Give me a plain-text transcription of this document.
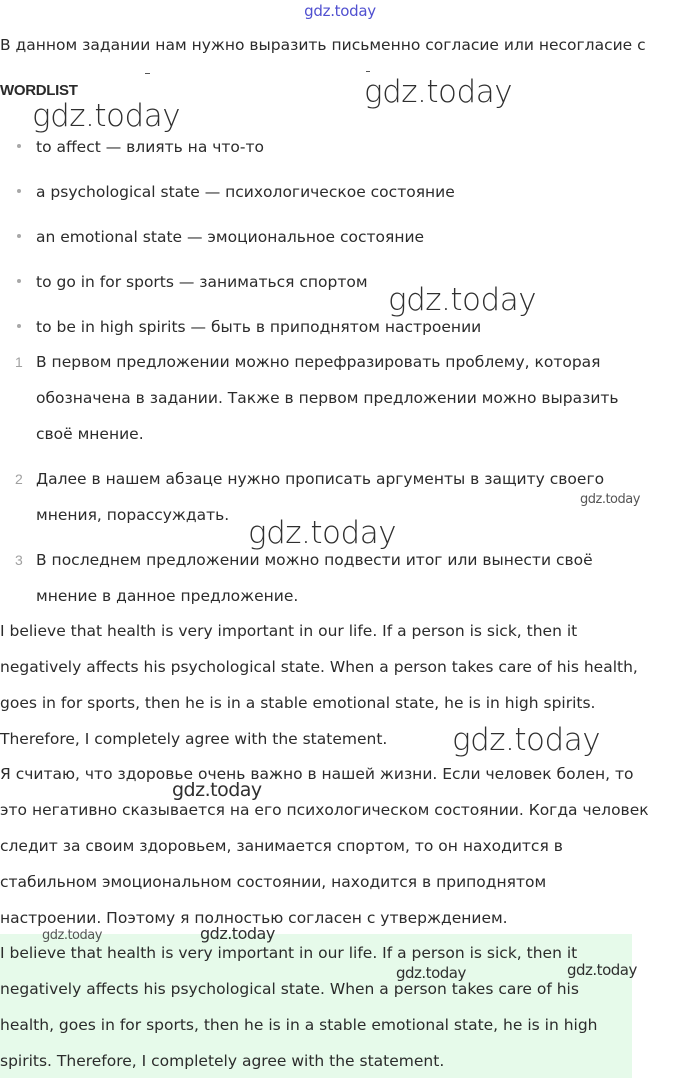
gdz.today

В данном задании нам нужно выразить письменно согласие или несогласие с

WORDLIST
to affect — влиять на что-то
a psychological state — психологическое состояние
an emotional state — эмоциональное состояние
to go in for sports — заниматься спортом
to be in high spirits — быть в приподнятом настроении
1 В первом предложении можно перефразировать проблему, которая
обозначена в задании. Также в первом предложении можно выразить
своё мнение.
2 Далее в нашем абзаце нужно прописать аргументы в защиту своего
мнения, порассуждать.
3 В последнем предложении можно подвести итог или вынести своё
мнение в данное предложение.

I believe that health is very important in our life. If a person is sick, then it

negatively affects his psychological state. When a person takes care of his health,

goes in for sports, then he is in a stable emotional state, he is in high spirits.

Therefore, I completely agree with the statement.

Я считаю, что здоровье очень важно в нашей жизни. Если человек болен, то

это негативно сказывается на его психологическом состоянии. Когда человек

следит за своим здоровьем, занимается спортом, то он находится в

стабильном эмоциональном состоянии, находится в приподнятом

настроении. Поэтому я полностью согласен с утверждением.

I believe that health is very important in our life. If a person is sick, then it

negatively affects his psychological state. When a person takes care of his

health, goes in for sports, then he is in a stable emotional state, he is in high

spirits. Therefore, I completely agree with the statement.

gdz.today
gdz.today
gdz.today
gdz.today
gdz.today
gdz.today
gdz.today
gdz.today	gdz.today
gdz.today	gdz.today
